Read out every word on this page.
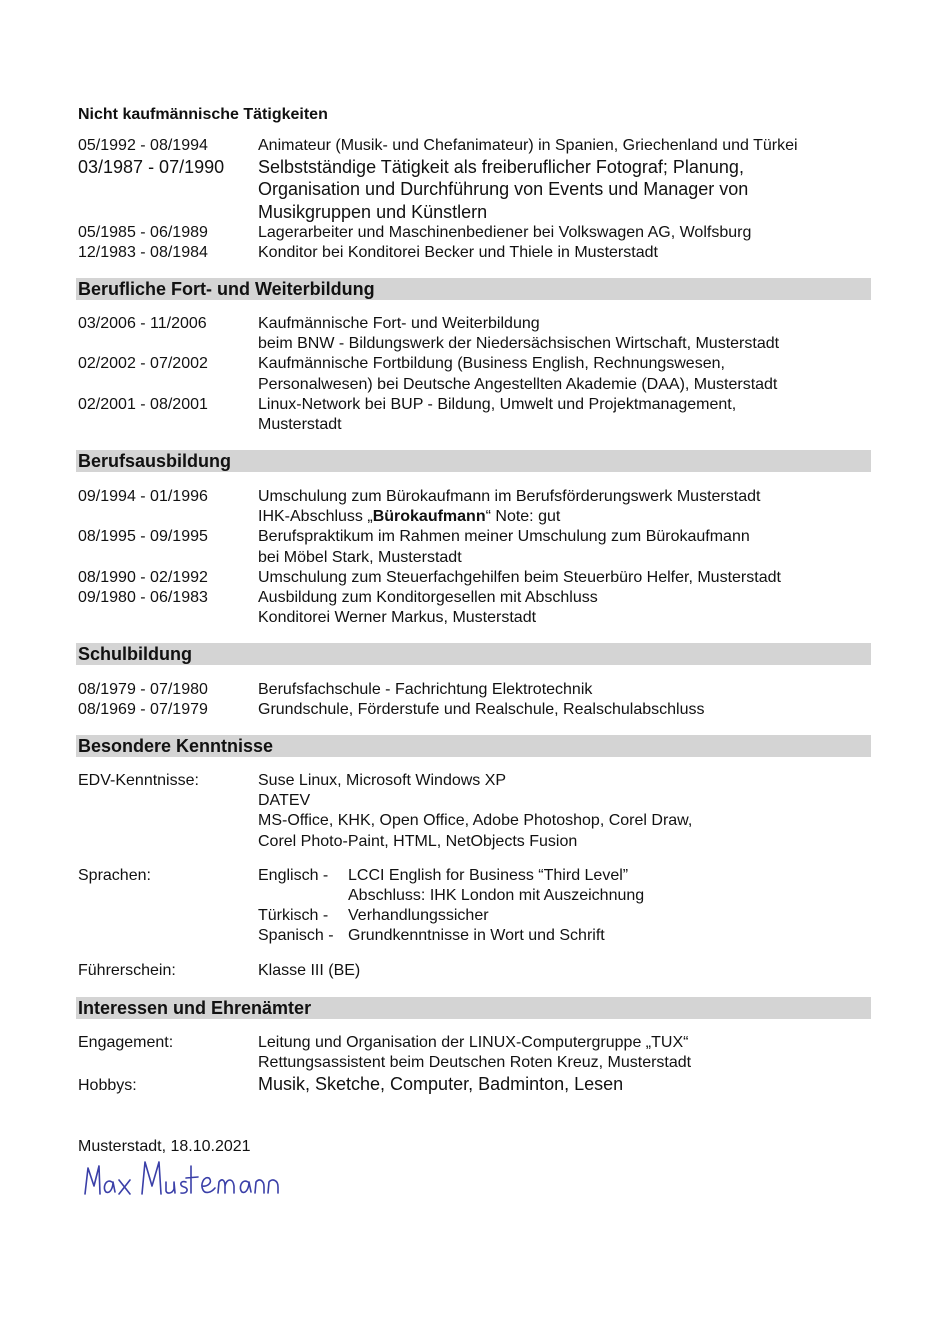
Nicht kaufmännische Tätigkeiten
05/1992 - 08/1994	Animateur (Musik- und Chefanimateur) in Spanien, Griechenland und Türkei
03/1987 - 07/1990	Selbstständige Tätigkeit als freiberuflicher Fotograf; Planung,
Organisation und Durchführung von Events und Manager von
Musikgruppen und Künstlern
05/1985 - 06/1989	Lagerarbeiter und Maschinenbediener bei Volkswagen AG, Wolfsburg
12/1983 - 08/1984	Konditor bei Konditorei Becker und Thiele in Musterstadt
Berufliche Fort- und Weiterbildung
03/2006 - 11/2006	Kaufmännische Fort- und Weiterbildung
beim BNW - Bildungswerk der Niedersächsischen Wirtschaft, Musterstadt
02/2002 - 07/2002	Kaufmännische Fortbildung (Business English, Rechnungswesen,
Personalwesen) bei Deutsche Angestellten Akademie (DAA), Musterstadt
02/2001 - 08/2001	Linux-Network bei BUP - Bildung, Umwelt und Projektmanagement,
Musterstadt
Berufsausbildung
09/1994 - 01/1996	Umschulung zum Bürokaufmann im Berufsförderungswerk Musterstadt
IHK-Abschluss „Bürokaufmann“ Note: gut
08/1995 - 09/1995	Berufspraktikum im Rahmen meiner Umschulung zum Bürokaufmann
bei Möbel Stark, Musterstadt
08/1990 - 02/1992	Umschulung zum Steuerfachgehilfen beim Steuerbüro Helfer, Musterstadt
09/1980 - 06/1983	Ausbildung zum Konditorgesellen mit Abschluss
Konditorei Werner Markus, Musterstadt
Schulbildung
08/1979 - 07/1980	Berufsfachschule - Fachrichtung Elektrotechnik
08/1969 - 07/1979	Grundschule, Förderstufe und Realschule, Realschulabschluss
Besondere Kenntnisse
EDV-Kenntnisse:	Suse Linux, Microsoft Windows XP
DATEV
MS-Office, KHK, Open Office, Adobe Photoshop, Corel Draw,
Corel Photo-Paint, HTML, NetObjects Fusion
Sprachen:	Englisch -	LCCI English for Business “Third Level”
Abschluss: IHK London mit Auszeichnung
Türkisch -	Verhandlungssicher
Spanisch - Grundkenntnisse in Wort und Schrift
Führerschein:	Klasse III (BE)
Interessen und Ehrenämter
Engagement:	Leitung und Organisation der LINUX-Computergruppe „TUX“
Rettungsassistent beim Deutschen Roten Kreuz, Musterstadt
Hobbys:	Musik, Sketche, Computer, Badminton, Lesen
Musterstadt, 18.10.2021
